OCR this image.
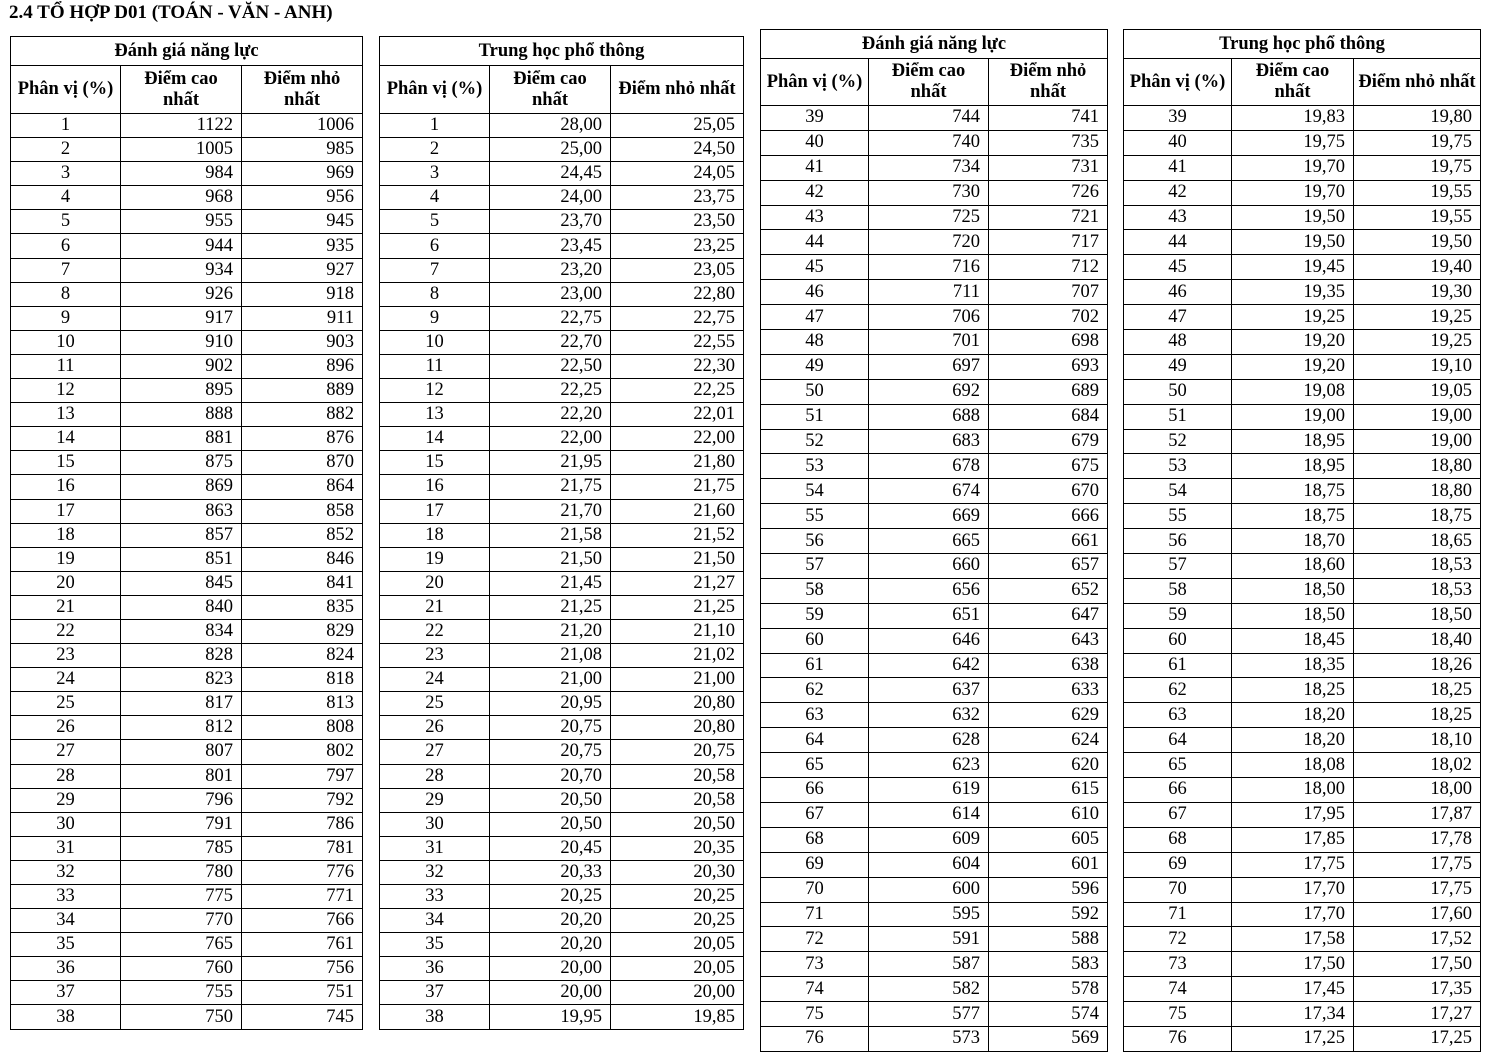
2.4 TỔ HỢP D01 (TOÁN - VĂN - ANH)
Đánh giá năng lực		
Phân vị (%)	Điểm cao nhất	Điểm nhỏ nhất
1	1122	1006
2	1005	985
3	984	969
4	968	956
5	955	945
6	944	935
7	934	927
8	926	918
9	917	911
10	910	903
11	902	896
12	895	889
13	888	882
14	881	876
15	875	870
16	869	864
17	863	858
18	857	852
19	851	846
20	845	841
21	840	835
22	834	829
23	828	824
24	823	818
25	817	813
26	812	808
27	807	802
28	801	797
29	796	792
30	791	786
31	785	781
32	780	776
33	775	771
34	770	766
35	765	761
36	760	756
37	755	751
38	750	745
Trung học phổ thông		
Phân vị (%)	Điểm cao nhất	Điểm nhỏ nhất
1	28,00	25,05
2	25,00	24,50
3	24,45	24,05
4	24,00	23,75
5	23,70	23,50
6	23,45	23,25
7	23,20	23,05
8	23,00	22,80
9	22,75	22,75
10	22,70	22,55
11	22,50	22,30
12	22,25	22,25
13	22,20	22,01
14	22,00	22,00
15	21,95	21,80
16	21,75	21,75
17	21,70	21,60
18	21,58	21,52
19	21,50	21,50
20	21,45	21,27
21	21,25	21,25
22	21,20	21,10
23	21,08	21,02
24	21,00	21,00
25	20,95	20,80
26	20,75	20,80
27	20,75	20,75
28	20,70	20,58
29	20,50	20,58
30	20,50	20,50
31	20,45	20,35
32	20,33	20,30
33	20,25	20,25
34	20,20	20,25
35	20,20	20,05
36	20,00	20,05
37	20,00	20,00
38	19,95	19,85
Đánh giá năng lực		
Phân vị (%)	Điểm cao nhất	Điểm nhỏ nhất
39	744	741
40	740	735
41	734	731
42	730	726
43	725	721
44	720	717
45	716	712
46	711	707
47	706	702
48	701	698
49	697	693
50	692	689
51	688	684
52	683	679
53	678	675
54	674	670
55	669	666
56	665	661
57	660	657
58	656	652
59	651	647
60	646	643
61	642	638
62	637	633
63	632	629
64	628	624
65	623	620
66	619	615
67	614	610
68	609	605
69	604	601
70	600	596
71	595	592
72	591	588
73	587	583
74	582	578
75	577	574
76	573	569
Trung học phổ thông		
Phân vị (%)	Điểm cao nhất	Điểm nhỏ nhất
39	19,83	19,80
40	19,75	19,75
41	19,70	19,75
42	19,70	19,55
43	19,50	19,55
44	19,50	19,50
45	19,45	19,40
46	19,35	19,30
47	19,25	19,25
48	19,20	19,25
49	19,20	19,10
50	19,08	19,05
51	19,00	19,00
52	18,95	19,00
53	18,95	18,80
54	18,75	18,80
55	18,75	18,75
56	18,70	18,65
57	18,60	18,53
58	18,50	18,53
59	18,50	18,50
60	18,45	18,40
61	18,35	18,26
62	18,25	18,25
63	18,20	18,25
64	18,20	18,10
65	18,08	18,02
66	18,00	18,00
67	17,95	17,87
68	17,85	17,78
69	17,75	17,75
70	17,70	17,75
71	17,70	17,60
72	17,58	17,52
73	17,50	17,50
74	17,45	17,35
75	17,34	17,27
76	17,25	17,25
